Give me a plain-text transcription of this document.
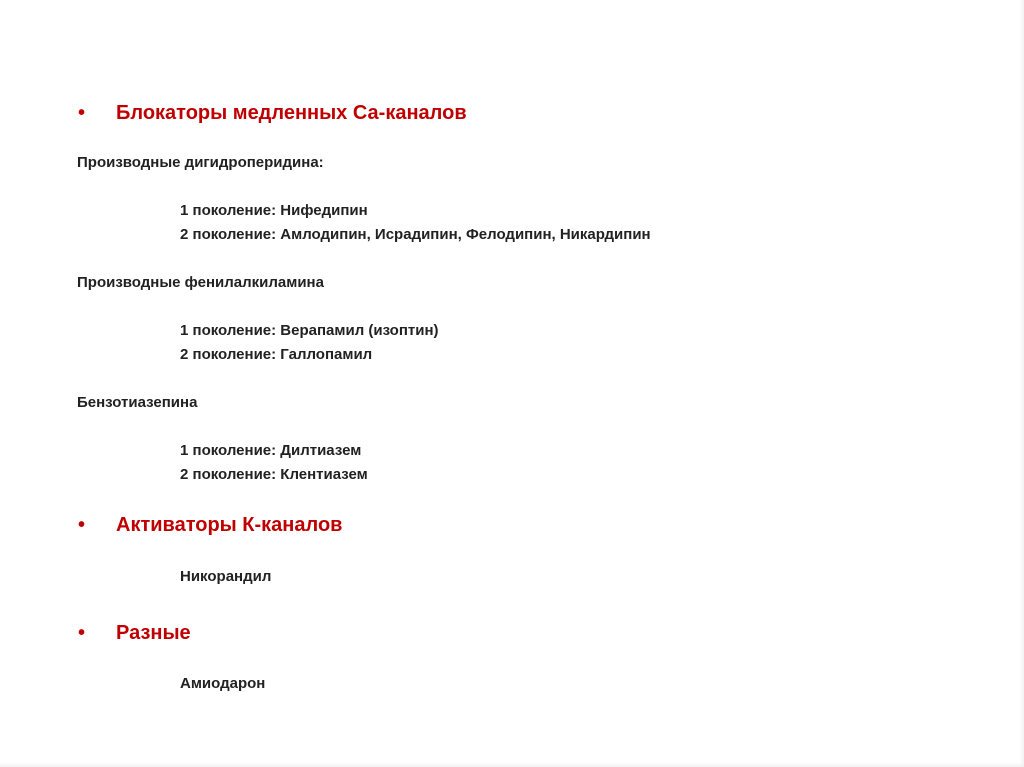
• Блокаторы медленных Са-каналов
Производные дигидроперидина:
1 поколение: Нифедипин
2 поколение: Амлодипин, Исрадипин, Фелодипин, Никардипин
Производные фенилалкиламина
1 поколение: Верапамил (изоптин)
2 поколение: Галлопамил
Бензотиазепина
1 поколение: Дилтиазем
2 поколение: Клентиазем
• Активаторы К-каналов
Никорандил
• Разные
Амиодарон
